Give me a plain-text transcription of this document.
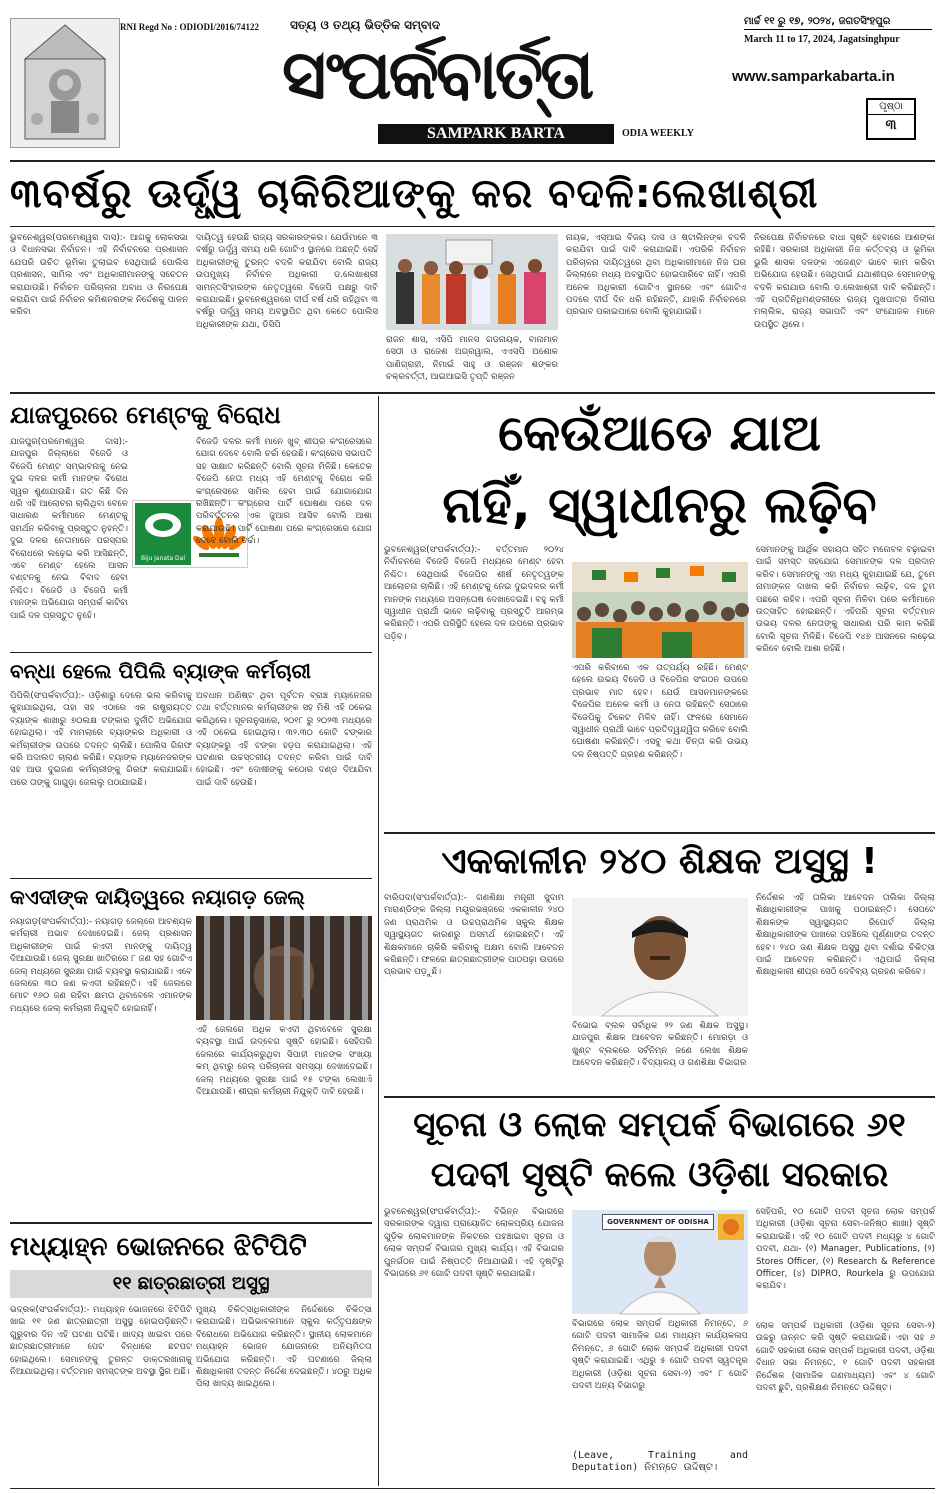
RNI Regd No : ODIODI/2016/74122	ସତ୍ୟ ଓ ତଥ୍ୟ ଭିତ୍ତିକ ସମ୍ବାଦ
ସଂପର୍କବାର୍ତ୍ତା
SAMPARK BARTA	ODIA WEEKLY
ମାର୍ଚ୍ଚ ୧୧ ରୁ ୧୭, ୨୦୨୪, ଜଗତସିଂହପୁର
March 11 to 17, 2024, Jagatsinghpur
www.samparkabarta.in
ପୃଷ୍ଠା
୩
୩ବର୍ଷରୁ ଊର୍ଦ୍ଧ୍ୱ ଚାକିରିଆଙ୍କୁ କର ବଦଳି:ଲେଖାଶ୍ରୀ
ଭୁବନେଶ୍ୱର(ପରମେଶ୍ୱର ଦାସ):- ଆଗକୁ ଲୋକସଭା ଓ ବିଧାନସଭା ନିର୍ବାଚନ। ଏହି ନିର୍ବାଚନରେ ପ୍ରଶାସନ ଯେପରି ଉଚିତ ଭୂମିକା ତୁଲାଇବ ସେଥିପାଇଁ ପୋଲିସ ପ୍ରଶାସନ, ସାମିଲ ଏବଂ ଅଧିକାରୀମାନଙ୍କୁ ସଚେତନ କରାଯାଉଛି। ନିର୍ବାଚନ ପରିଚାଳନା ଅବାଧ ଓ ନିରପେକ୍ଷ କରାଯିବା ପାଇଁ ନିର୍ବାଚନ କମିଶନରଙ୍କ ନିର୍ଦ୍ଦେଶକୁ ପାଳନ କରିବା
ଦାୟିତ୍ୱ ହେଉଛି ରାଜ୍ୟ ସରକାରଙ୍କର। ଯେଉଁମାନେ ୩ ବର୍ଷରୁ ଊର୍ଦ୍ଧ୍ୱ ସମୟ ଧରି ଗୋଟିଏ ସ୍ଥାନରେ ଅଛନ୍ତି ସେହି ଅଧିକାରୀଙ୍କୁ ତୁରନ୍ତ ବଦଳି କରାଯିବା ବୋଲି ରାଜ୍ୟ ଉପମୁଖ୍ୟ ନିର୍ବାଚନ ଅଧିକାରୀ ଡ.ଲେଖାଶ୍ରୀ ସାମନ୍ତସିଂହାରଙ୍କ ନେତୃତ୍ୱରେ ବିଜେପି ପକ୍ଷରୁ ଦାବି କରାଯାଇଛି। ଭୁବନେଶ୍ୱରରେ ଦୀର୍ଘ ବର୍ଷ ଧରି ରହିଥିବା ୩ ବର୍ଷରୁ ଊର୍ଦ୍ଧ୍ୱ ସମୟ ଅବସ୍ଥାପିତ ଥିବା କେତେ ପୋଲିସ ଅଧିକାରୀଙ୍କ ଯଥା, ଡିସିପି
ରାଜନ ଶାସ, ଏସିପି ମାନସ ଗଡନାୟକ, ବାନାମାଳ ସେଠୀ ଓ ରାଜେଶ ଅଗ୍ରୱାଲ, ଏଏସପି ଅଶୋକ ପାଣିଗ୍ରାହୀ, ନିମାଇଁ ସାହୁ ଓ ରଞ୍ଜନ ଶଙ୍କର ଚକ୍ରବର୍ତ୍ତୀ, ଆଇଆଇସି ତୃପ୍ତି ରଞ୍ଜନ
ନାୟକ, ଏସ୍ଆଇ ବିଜୟ ଦାସ ଓ ଷ୍ଟାଲିନଙ୍କ ବଦଳି କରାଯିବା ପାଇଁ ଦାବି କରାଯାଇଛି। ଏପରିକି ନିର୍ବାଚନ ପରିଚାଳନା ଦାୟିତ୍ୱରେ ଥିବା ଅଧିକାରୀମାନେ ନିଜ ଘର ଜିଲ୍ଲାରେ ମଧ୍ୟ ଅବସ୍ଥାପିତ ହୋଇପାରିବେ ନାହିଁ। ଏପରି ଅନେକ ଅଧିକାରୀ ଗୋଟିଏ ସ୍ଥାନରେ ଏବଂ ଗୋଟିଏ ପଦରେ ଦୀର୍ଘ ଦିନ ଧରି ରହିଛନ୍ତି, ଯାହାକି ନିର୍ବାଚନରେ ପ୍ରଭାବ ପକାଇପାରେ ବୋଲି କୁହାଯାଇଛି।
ନିରପେକ୍ଷ ନିର୍ବାଚନରେ ବାଧା ସୃଷ୍ଟି ହେବାରେ ଆଶଙ୍କା ରହିଛି। ସରକାରୀ ଅଧିକାରୀ ନିଜ କର୍ତ୍ତବ୍ୟ ଓ ଭୂମିକା ଭୁଲି ଶାସକ ଦଳଙ୍କ ଏଜେଣ୍ଟ ଭାବେ କାମ କରିବା ଅଭିଯୋଗ ହେଉଛି। ସେଥିପାଇଁ ଯଥାଶୀଘ୍ର ସେମାନଙ୍କୁ ବଦଳି କରାଯାଉ ବୋଲି ଡ.ଲେଖାଶ୍ରୀ ଦାବି କରିଛନ୍ତି। ଏହି ପ୍ରତିନିଧିମଣ୍ଡଳୀରେ ରାଜ୍ୟ ମୁଖପାତ୍ର ଦିଲୀପ ମଲ୍ଲିକ, ରାଜ୍ୟ ସଭାପତି ଏବଂ ସଂଯୋଜକ ମାନେ ଉପସ୍ଥିତ ଥିଲେ।
ଯାଜପୁରରେ ମେଣ୍ଟକୁ ବିରୋଧ
ଯାଜପୁର(ପରମେଶ୍ୱର ଦାସ):- ଯାଜପୁର ଜିଲ୍ଲାରେ ବିଜେଡି ଓ ବିଜେପି ମେଣ୍ଟ ସମ୍ଭାବନାକୁ ନେଇ ଦୁଇ ଦଳର କର୍ମୀ ମାନଙ୍କ ବିରୋଧ ସ୍ୱର ଶୁଣାଯାଉଛି। ଗତ କିଛି ଦିନ ଧରି ଏହି ଆଲୋଚନା ଚାଲିଥିବା ବେଳେ ସାଧାରଣ କର୍ମୀମାନେ ମେଣ୍ଟକୁ ସମର୍ଥନ କରିବାକୁ ପ୍ରସ୍ତୁତ ନୁହନ୍ତି। ଦୁଇ ଦଳର ନେତାମାନେ ପରସ୍ପର ବିରୋଧରେ ଲଢ଼େଇ କରି ଆସିଛନ୍ତି, ଏବେ ମେଣ୍ଟ ହେଲେ ଆସନ ବଣ୍ଟନକୁ ନେଇ ବିବାଦ ହେବା ନିଶ୍ଚିତ। ବିଜେଡି ଓ ବିଜେପି କର୍ମୀ ମାନଙ୍କ ଅଭିଯୋଗ ସମ୍ପର୍କ କାଟିବା ପାଇଁ ଦଳ ପ୍ରସ୍ତୁତ ନୁହେଁ।
Biju Janata Dal
ବିଜେଡି ଦଳର କର୍ମୀ ମାନେ ଖୁବ୍ ଶୀଘ୍ର କଂଗ୍ରେସରେ ଯୋଗ ଦେବେ ବୋଲି ଚର୍ଚ୍ଚା ହେଉଛି। କଂଗ୍ରେସ ସଭାପତି ସହ ସାକ୍ଷାତ କରିଛନ୍ତି ବୋଲି ସୂଚନା ମିଳିଛି। କେତେକ ବିଜେପି ନେତା ମଧ୍ୟ ଏହି ମେଣ୍ଟକୁ ବିରୋଧ କରି କଂଗ୍ରେସରେ ସାମିଲ ହେବା ପାଇଁ ଯୋଗାଯୋଗ ରଖିଛନ୍ତି। କଂଗ୍ରେସ ପାର୍ଟି ଘୋଷଣା ପରେ ଦଳ ପରିବର୍ତ୍ତନର ଏକ ଜୁଆର ଆସିବ ବୋଲି ଆଶା କରାଯାଉଛି। ପାର୍ଟି ଘୋଷଣା ପରେ କଂଗ୍ରେସରେ ଯୋଗ ଦେବେ ବୋଲି ଚର୍ଚ୍ଚା।
ବନ୍ଧା ହେଲେ ପିପିଲି ବ୍ୟାଙ୍କ କର୍ମଚାରୀ
ପିପିଲି(ସଂପର୍କବାର୍ତ୍ତା):- ଓଡ଼ିଶାରୁ ଦେଲେ ଭଲ କରିବାକୁ କୁହାଯାଇଥିଲା, ତାହା ସହ ଏଠାରେ ଏକ ରାଷ୍ଟ୍ରାୟତ୍ତ ବ୍ୟାଙ୍କ ଶାଖାରୁ ୭୦ଲକ୍ଷ ଟଙ୍କାର ଦୁର୍ନୀତି ଅଭିଯୋଗ ହୋଇଥିଲା। ଏହି ମାମଲାରେ ବ୍ୟାଙ୍କର ଅଧିକାରୀ ଓ କର୍ମଚାରୀଙ୍କ ଉପରେ ତଦନ୍ତ ଚାଲିଛି। ପୋଲିସ ଗିରଫ କରି ଅଦାଲତ ଚାଲାଣ କରିଛି। ବ୍ୟାଙ୍କ ମ୍ୟାନେଜରଙ୍କ ସହ ଆଉ ଦୁଇଜଣ କର୍ମଚାରୀଙ୍କୁ ଗିରଫ କରାଯାଇଛି। ପରେ ତାଙ୍କୁ ଗାଗୁଡ଼ା ଜେଲଲୁ ପଠାଯାଇଛି।
ଅବଧାନ ଅଣିଷ୍ଟ ଥିବା ପୂର୍ବତନ ବ୍ରାଞ୍ଚ ମ୍ୟାନେଜର ତଥା ବର୍ତ୍ତମାନର କର୍ମଚାରୀଙ୍କ ସହ ମିଶି ଏହି ଠକେଇ କରିଥିଲେ। ସୂଚନାନୁସାରେ, ୨୦୧୮ ରୁ ୨୦୨୩ ମଧ୍ୟରେ ଏହି ଠକେଇ ହୋଇଥିଲା। ୩୨.୩୦ କୋଟି ଟଙ୍କାର ବ୍ୟାଙ୍କରୁ ଏହି ଟଙ୍କା ହଡ଼ପ କରାଯାଇଥିଲା। ଏହି ଘଟଣାର ଉଚ୍ଚସ୍ତରୀୟ ତଦନ୍ତ କରିବା ପାଇଁ ଦାବି ହୋଇଛି। ଏବଂ ଦୋଷୀଙ୍କୁ କଠୋର ଦଣ୍ଡ ଦିଆଯିବା ପାଇଁ ଦାବି ହେଉଛି।
କଏଦୀଙ୍କ ଦାୟିତ୍ୱରେ ନୟାଗଡ଼ ଜେଲ୍
ନୟାଗଡ଼(ସଂପର୍କବାର୍ତ୍ତା):- ନୟାଗଡ଼ ଜେଲ୍‌ରେ ଆବଶ୍ୟକ କର୍ମଚାରୀ ଅଭାବ ଦେଖାଦେଇଛି। ଜେଲ୍ ପ୍ରଶାସନ ଅଧିକାରୀଙ୍କ ପାଇଁ କଏଦୀ ମାନଙ୍କୁ ଦାୟିତ୍ୱ ଦିଆଯାଉଛି। ଜେଲ୍ ସୁରକ୍ଷା ଖାତିରରେ ୮ ଜଣ ସହ ଗୋଟିଏ ଜେଲ୍ ମଧ୍ୟରେ ସୁରକ୍ଷା ପାଇଁ ବ୍ୟବସ୍ଥା କରାଯାଇଛି। ଏବେ ଜେଲରେ ୩୦ ଜଣ କଏଦୀ ରହିଛନ୍ତି। ଏହି ଜେଲରେ ମୋଟ ୧୬୦ ଜଣ ରହିବା କ୍ଷମତା ଥିବାବେଳେ ଏମାନଙ୍କ ମଧ୍ୟରେ ଜେଲ୍ କର୍ମଚାରୀ ନିଯୁକ୍ତି ହୋଇନାହିଁ।
ଏହି ଜେଲରେ ଅଧିକ କଏଦୀ ଥିବାବେଳେ ସୁରକ୍ଷା ବ୍ୟବସ୍ଥା ପାଇଁ ଉଦ୍‌ବେଗ ସୃଷ୍ଟି ହୋଇଛି। ସେହିପରି ଜେଲରେ କାର୍ଯ୍ୟକରୁଥିବା ସିପାହୀ ମାନଙ୍କ ସଂଖ୍ୟା କମ୍ ଥିବାରୁ ଜେଲ୍ ପରିଚାଳନା ସମସ୍ୟା ଦେଖାଦେଇଛି। ଜେଲ୍ ମଧ୍ୟରେ ସୁରକ୍ଷା ପାଇଁ ୧୫ ଟଙ୍କା ଲେଖାଏଁ ଦିଆଯାଉଛି। ଶୀଘ୍ର କର୍ମଚାରୀ ନିଯୁକ୍ତି ଦାବି ହେଉଛି।
ମଧ୍ୟାହ୍ନ ଭୋଜନରେ ଝିଟିପିଟି
୧୧ ଛାତ୍ରଛାତ୍ରୀ ଅସୁସ୍ଥ
ଭଦ୍ରକ(ସଂପର୍କବାର୍ତ୍ତା):- ମଧ୍ୟାହ୍ନ ଭୋଜନରେ ଝିଟିପିଟି ଖାଇ ୧୧ ଜଣ ଛାତ୍ରଛାତ୍ରୀ ଅସୁସ୍ଥ ହୋଇପଡ଼ିଛନ୍ତି। ଗୁରୁବାର ଦିନ ଏହି ଘଟଣା ଘଟିଛି। ଖାଦ୍ୟ ଖାଇବା ପରେ ଛାତ୍ରଛାତ୍ରୀମାନେ ପେଟ ବିନ୍ଧାରେ ଛଟପଟ ହୋଇଥିଲେ। ସେମାନଙ୍କୁ ତୁରନ୍ତ ଡାକ୍ତରଖାନାକୁ ନିଆଯାଇଥିଲା। ବର୍ତ୍ତମାନ ସମସ୍ତଙ୍କ ଅବସ୍ଥା ସ୍ଥିର ଅଛି।
ମୁଖ୍ୟ ଚିକିତ୍ସାଧିକାରୀଙ୍କ ନିର୍ଦ୍ଦେଶରେ ଚିକିତ୍ସା କରାଯାଇଛି। ଅଭିଭାବକମାନେ ସ୍କୁଲ କର୍ତ୍ତୃପକ୍ଷଙ୍କ ବିରୋଧରେ ଅଭିଯୋଗ କରିଛନ୍ତି। ସ୍ଥାନୀୟ ଲୋକମାନେ ମଧ୍ୟାହ୍ନ ଭୋଜନ ଯୋଜନାରେ ଅନିୟମିତତା ଅଭିଯୋଗ କରିଛନ୍ତି। ଏହି ଘଟଣାରେ ଜିଲ୍ଲା ଶିକ୍ଷାଧିକାରୀ ତଦନ୍ତ ନିର୍ଦ୍ଦେଶ ଦେଇଛନ୍ତି। ୪୦ରୁ ଅଧିକ ପିଲା ଖାଦ୍ୟ ଖାଇଥିଲେ।
କେଉଁଆଡେ ଯାଅ
ନାହିଁ, ସ୍ୱାଧୀନରୁ ଲଢ଼ିବ
ଭୁବନେଶ୍ୱର(ସଂପର୍କବାର୍ତ୍ତା):- ବର୍ତ୍ତମାନ ୨୦୨୪ ନିର୍ବାଚନରେ ବିଜେଡି ବିଜେପି ମଧ୍ୟରେ ମେଣ୍ଟ ହେବା ନିଶ୍ଚିତ। ସେଥିପାଇଁ ବିଜେପିର ଶୀର୍ଷ ନେତୃତ୍ୱଙ୍କ ଆଲୋଚନା ଚାଲିଛି। ଏହି ମେଣ୍ଟକୁ ନେଇ ଦୁଇଦଳର କର୍ମୀ ମାନଙ୍କ ମଧ୍ୟରେ ଅସନ୍ତୋଷ ଦେଖାଦେଇଛି। ବହୁ କର୍ମୀ ସ୍ୱାଧୀନ ପ୍ରାର୍ଥୀ ଭାବେ ଲଢ଼ିବାକୁ ପ୍ରସ୍ତୁତି ଆରମ୍ଭ କରିଛନ୍ତି। ଏପରି ପରିସ୍ଥିତି ହେଲେ ଦଳ ଉପରେ ପ୍ରଭାବ ପଡ଼ିବ।
ଏପରି କରିବାରେ ଏକ ତାତ୍ପର୍ଯ୍ୟ ରହିଛି। ମେଣ୍ଟ ହେଲେ ଉଭୟ ବିଜେଡି ଓ ବିଜେପିର ସଂଗଠନ ଉପରେ ପ୍ରଭାବ ମାତ ହେବ। ଯେଉଁ ଆସନମାନଙ୍କରେ ବିଜେପିର ଅନେକ କର୍ମୀ ଓ ନେତା ରହିଛନ୍ତି ସେଠାରେ ବିଜେପିକୁ ଟିକେଟ ମିଳିବ ନାହିଁ। ଫଳରେ ସେମାନେ ସ୍ୱାଧୀନ ପ୍ରାର୍ଥୀ ଭାବେ ପ୍ରତିଦ୍ୱନ୍ଦ୍ୱିତା କରିବେ ବୋଲି ଘୋଷଣା କରିଛନ୍ତି। ଏସବୁ କଥା ଚିନ୍ତା କରି ଉଭୟ ଦଳ ନିଷ୍ପତ୍ତି ଗ୍ରହଣ କରିଛନ୍ତି।
ସେମାନଙ୍କୁ ଆର୍ଥିକ ସହାୟତା ସହିତ ମନୋବଳ ବଢ଼ାଇବା ପାଇଁ ସମସ୍ତ ସହଯୋଗ ସେମାନଙ୍କ ଦଳ ପ୍ରଦାନ କରିବ। ସେମାନଙ୍କୁ ଏହା ମଧ୍ୟ କୁହାଯାଇଛି ଯେ, ତୁମେ ନାମାଙ୍କନ ଦାଖଲ କରି ନିର୍ବାଚନ ଲଢ଼ିବ, ଦଳ ତୁମ ପଛରେ ରହିବ। ଏପରି ସୂଚନା ମିଳିବା ପରେ କର୍ମୀମାନେ ଉତ୍ସାହିତ ହୋଇଛନ୍ତି। ଏହିପରି ସୂଚନା ବର୍ତ୍ତମାନ ଉଭୟ ଦଳର ନେତାଙ୍କୁ ସାଧାରଣ ଘରି କାମ କରିଛି ବୋଲି ସୂଚନା ମିଳିଛି। ବିଜେପି ୧୪୭ ଆସନରେ ଲଢ଼େଇ କରିବେ ବୋଲି ଆଶା ରହିଛି।
ଏକକାଳୀନ ୨୪୦ ଶିକ୍ଷକ ଅସୁସ୍ଥ !
ବାରିପଦା(ସଂପର୍କବାର୍ତ୍ତା):- ଗଣଶିକ୍ଷା ମନ୍ତ୍ରୀ ସୁଦାମ ମାରାଣ୍ଡିଙ୍କ ଜିଲ୍ଲା ମୟୂରଭଞ୍ଜରେ ଏକକାଳୀନ ୨୪୦ ଜଣ ପ୍ରାଥମିକ ଓ ଉଚ୍ଚପ୍ରାଥମିକ ସ୍କୁଲ ଶିକ୍ଷକ ସ୍ୱାସ୍ଥ୍ୟଗତ କାରଣରୁ ଅସମର୍ଥ ହୋଇଛନ୍ତି। ଏହି ଶିକ୍ଷକମାନେ ଚାକିରି କରିବାକୁ ଅକ୍ଷମ ବୋଲି ଆବେଦନ କରିଛନ୍ତି। ଫଳରେ ଛାତ୍ରଛାତ୍ରୀଙ୍କ ପାଠପଢ଼ା ଉପରେ ପ୍ରଭାବ ପଡ଼ୁଛି।
ବିଭୋଇ ବ୍ଲକ ସର୍ବାଧିକ ୨୨ ଜଣ ଶିକ୍ଷକ ଅସୁସ୍ଥ। ଯାଜପୁର ଶିକ୍ଷକ ଆବେଦନ କରିଛନ୍ତି। ମୋରଡ଼ା ଓ ଖୁଣ୍ଟ ବ୍ଲକରେ ସର୍ବନିମ୍ନ ଜଣେ ଲେଖା ଶିକ୍ଷକ ଆବେଦନ କରିଛନ୍ତି। ବିଦ୍ୟାଳୟ ଓ ଗଣଶିକ୍ଷା ବିଭାଗର
ନିର୍ଦ୍ଦେଶକ ଏହି ତାଲିକା ଆବେଦନ ତାଲିକା ଜିଲ୍ଲା ଶିକ୍ଷାଧିକାରୀଙ୍କ ପାଖକୁ ପଠାଇଛନ୍ତି। ସେପଟେ ଶିକ୍ଷକଙ୍କ ସ୍ୱାସ୍ଥ୍ୟଗତ ରିପୋର୍ଟ ଜିଲ୍ଲା ଶିକ୍ଷାଧିକାରୀଙ୍କ ପାଖରେ ପହଞ୍ଚିଲେ ପୂର୍ଣ୍ଣାଙ୍ଗ ତଦନ୍ତ ହେବ। ୨୪୦ ଜଣ ଶିକ୍ଷକ ଅସୁସ୍ଥ ଥିବା ଦର୍ଶାଇ ଚିକିତ୍ସା ପାଇଁ ଆବେଦନ କରିଛନ୍ତି। ଏଥିପାଇଁ ଜିଲ୍ଲା ଶିକ୍ଷାଧିକାରୀ ଶୀଘ୍ର ସେଠି ଦେବିବ୍ୟ ଗ୍ରହଣ କରିବେ।
ସୂଚନା ଓ ଲୋକ ସମ୍ପର୍କ ବିଭାଗରେ ୬୧
ପଦବୀ ସୃଷ୍ଟି କଲେ ଓଡ଼ିଶା ସରକାର
ଭୁବନେଶ୍ୱର(ସଂପର୍କବାର୍ତ୍ତା):- ବିଭିନ୍ନ ବିଭାଗରେ ସରକାରଙ୍କ ଦ୍ୱାରା ପ୍ରାୟୋଜିତ ଲୋକପ୍ରିୟ ଯୋଜନା ଗୁଡ଼ିକ ଲୋକମାନଙ୍କ ନିକଟରେ ପହଞ୍ଚାଇବା ସୂଚନା ଓ ଲୋକ ସମ୍ପର୍କ ବିଭାଗର ମୁଖ୍ୟ କାର୍ଯ୍ୟ। ଏହି ବିଭାଗର ପୁନର୍ଗଠନ ପାଇଁ ନିଷ୍ପତ୍ତି ନିଆଯାଇଛି। ଏହି ଦୃଷ୍ଟିରୁ ବିଭାଗରେ ୬୧ ଗୋଟି ପଦବୀ ସୃଷ୍ଟି କରାଯାଇଛି।
GOVERNMENT OF ODISHA
ବିଭାଗରେ ଲୋକ ସମ୍ପର୍କ ଅଧିକାରୀ ନିମନ୍ତେ, ୬ ଗୋଟି ପଦବୀ ସାମାଜିକ ଗଣ ମାଧ୍ୟମ କାର୍ଯ୍ୟକଳାପ ନିମନ୍ତେ, ୬ ଗୋଟି ଲୋକ ସମ୍ପର୍କ ଅଧିକାରୀ ପଦବୀ ସୃଷ୍ଟି କରାଯାଇଛି। ଏଥିରୁ ୫ ଗୋଟି ପଦବୀ ସ୍ୱତନ୍ତ୍ର ଅଧିକାରୀ (ଓଡ଼ିଶା ସୂଚନା ସେବା-୨) ଏବଂ ୮ ଗୋଟି ପଦବୀ ଅନ୍ୟ ବିଭାଗରୁ
(Leave, Training and Deputation) ନିମନ୍ତେ ଉଦ୍ଦିଷ୍ଟ।
ସେହିପରି, ୧୦ ଗୋଟି ପଦବୀ ସୂଚନା ଲୋକ ସମ୍ପର୍କ ଅଧିକାରୀ (ଓଡ଼ିଶା ସୂଚନା ସେବା-ଜନିଷ୍ଠ ଶାଖା) ସୃଷ୍ଟି କରାଯାଇଛି। ଏହି ୧୦ ଗୋଟି ପଦବୀ ମଧ୍ୟରୁ ୪ ଗୋଟି ପଦବୀ, ଯଥା- (୧) Manager, Publications, (୨) Stores Officer, (୧) Research & Reference Officer, (୪) DIPRO, Rourkela ରୁ ଉପଯୋଗ କରାଯିବ।
ଲୋକ ସମ୍ପର୍କ ଅଧିକାରୀ (ଓଡ଼ିଶା ସୂଚନା ସେବା-୨) ଉଚ୍ଚରୁ ଉନ୍ନତ କରି ସୃଷ୍ଟି କରାଯାଇଛି। ଏହା ସହ ୬ ଗୋଟି ସହକାରୀ ଲୋକ ସମ୍ପର୍କ ଅଧିକାରୀ ପଦବୀ, ଓଡ଼ିଶା ବିଧାନ ସଭା ନିମନ୍ତେ, ୧ ଗୋଟି ପଦବୀ ସହକାରୀ ନିର୍ଦ୍ଦେଶକ (ସାମାଜିକ ଗଣମାଧ୍ୟମ) ଏବଂ ୪ ଗୋଟି ପଦବୀ ଛୁଟି, ପ୍ରଶିକ୍ଷଣ ନିମନ୍ତେ ଉଦ୍ଦିଷ୍ଟ।
